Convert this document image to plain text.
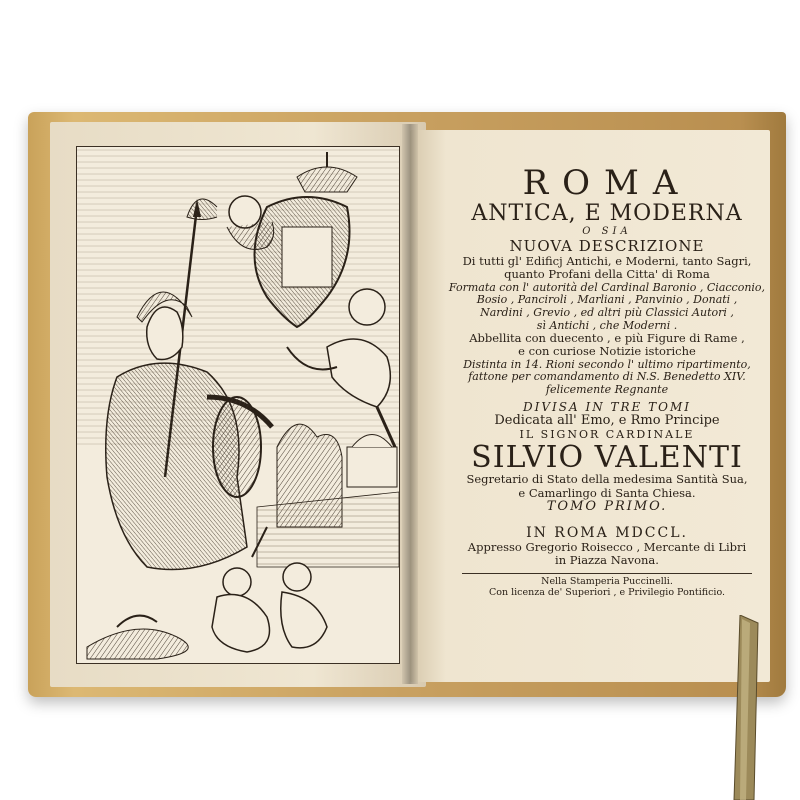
ROMA
ANTICA, E MODERNA
O SIA
NUOVA DESCRIZIONE
Di tutti gl' Edificj Antichi, e Moderni, tanto Sagri,
quanto Profani della Citta' di Roma
Formata con l' autorità del Cardinal Baronio , Ciacconio,
Bosio , Panciroli , Marliani , Panvinio , Donati ,
Nardini , Grevio , ed altri più Classici Autori ,
sì Antichi , che Moderni .
Abbellita con duecento , e più Figure di Rame ,
e con curiose Notizie istoriche
Distinta in 14. Rioni secondo l' ultimo ripartimento,
fattone per comandamento di N.S. Benedetto XIV.
felicemente Regnante
DIVISA IN TRE TOMI
Dedicata all' Emo, e Rmo Principe
IL SIGNOR CARDINALE
SILVIO VALENTI
Segretario di Stato della medesima Santità Sua,
e Camarlingo di Santa Chiesa.
TOMO PRIMO.
IN ROMA MDCCL.
Appresso Gregorio Roisecco , Mercante di Libri
in Piazza Navona.
Nella Stamperia Puccinelli.
Con licenza de' Superiori , e Privilegio Pontificio.
